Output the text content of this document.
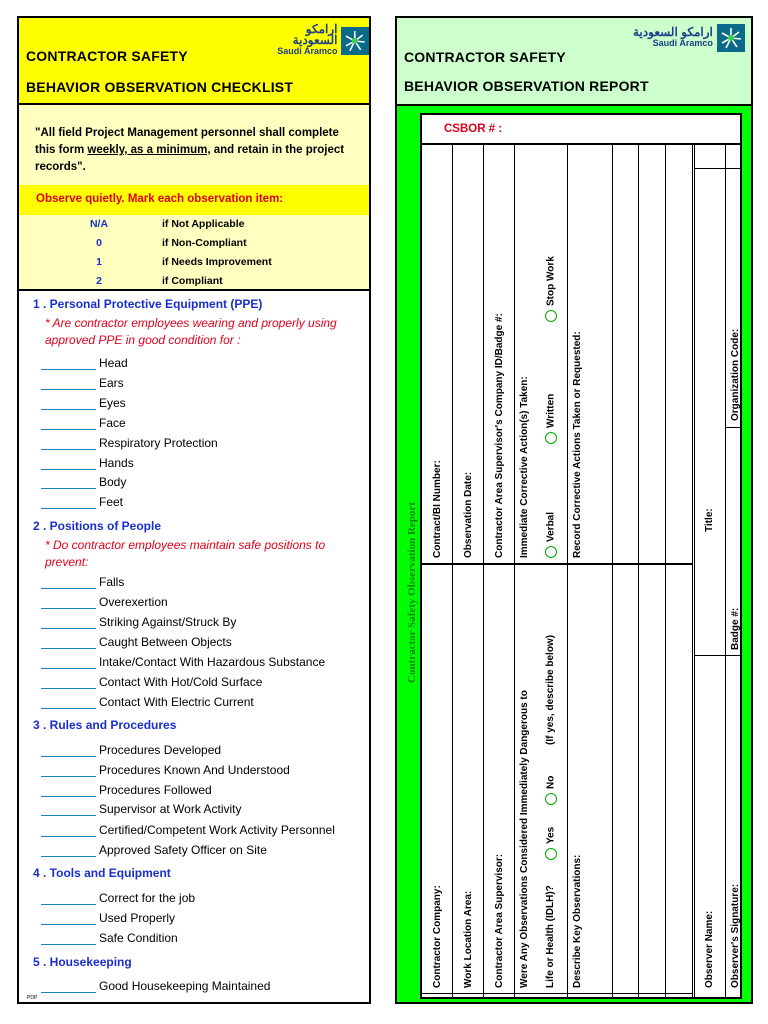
CONTRACTOR SAFETY
BEHAVIOR OBSERVATION CHECKLIST
ارامكو السعودية
Saudi Aramco
"All field Project Management personnel shall complete this form weekly, as a minimum, and retain in the project records".
Observe quietly. Mark each observation item:
N/A	if Not Applicable
0	if Non-Compliant
1	if Needs Improvement
2	if Compliant
1 . Personal Protective Equipment (PPE)
* Are contractor employees wearing and properly using approved PPE in good condition for :
Head
Ears
Eyes
Face
Respiratory Protection
Hands
Body
Feet
2 . Positions of People
* Do contractor employees maintain safe positions to prevent:
Falls
Overexertion
Striking Against/Struck By
Caught Between Objects
Intake/Contact With Hazardous Substance
Contact With Hot/Cold Surface
Contact With Electric Current
3 . Rules and Procedures
Procedures Developed
Procedures Known And Understood
Procedures Followed
Supervisor at Work Activity
Certified/Competent Work Activity Personnel
Approved Safety Officer on Site
4 . Tools and Equipment
Correct for the job
Used Properly
Safe Condition
5 . Housekeeping
Good Housekeeping Maintained
PDP
CONTRACTOR SAFETY
BEHAVIOR OBSERVATION REPORT
ارامكو السعودية
Saudi Aramco
Contractor Safety Observation Report
CSBOR # :
Contractor Company:
Contract/BI Number:
Work Location Area:
Observation Date:
Contractor Area Supervisor:
Contractor Area Supervisor's Company ID/Badge #:
Were Any Observations Considered Immediately Dangerous to Life or Health (IDLH)?
Yes
No
(If yes, describe below)
Immediate Corrective Action(s) Taken: Verbal
Written
Stop Work
Describe Key Observations:
Record Corrective Actions Taken or Requested:
Observer Name:
Title:
Observer's Signature:
Badge #:
Organization Code:
